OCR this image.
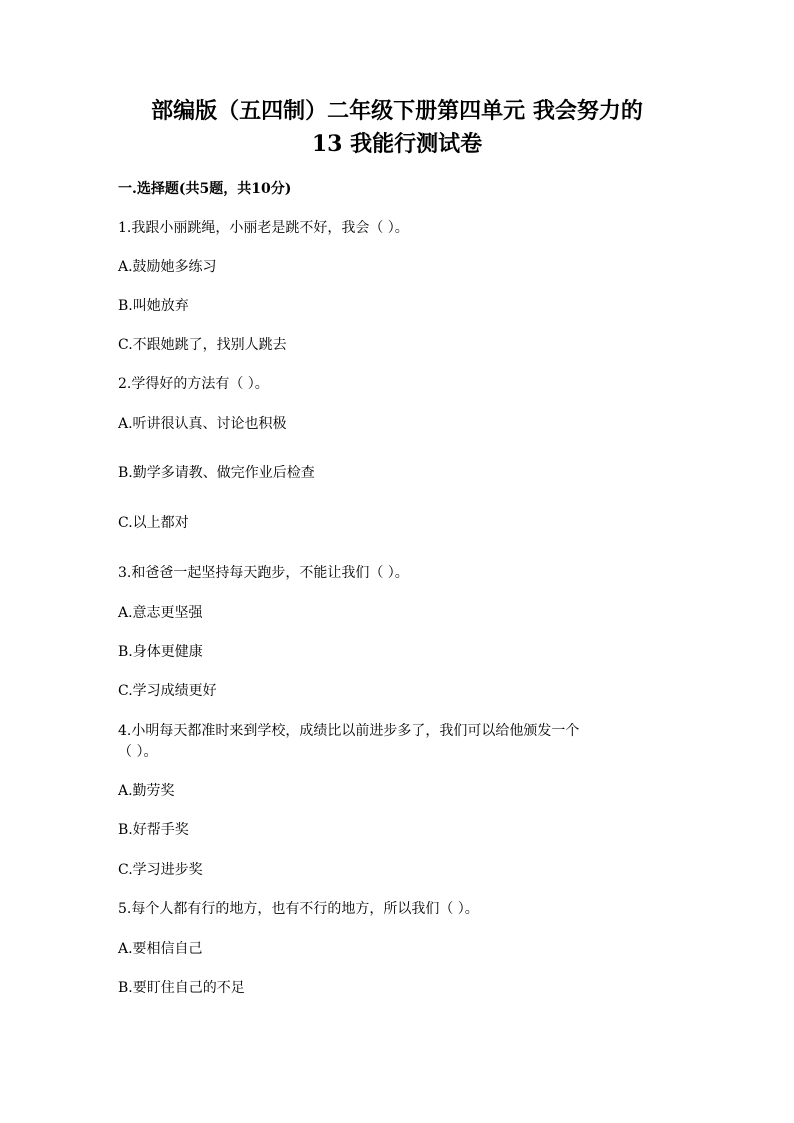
部编版（五四制）二年级下册第四单元 我会努力的
13 我能行测试卷
一.选择题(共5题，共10分)
1.我跟小丽跳绳，小丽老是跳不好，我会（ ）。
A.鼓励她多练习
B.叫她放弃
C.不跟她跳了，找别人跳去
2.学得好的方法有（ ）。
A.听讲很认真、讨论也积极
B.勤学多请教、做完作业后检查
C.以上都对
3.和爸爸一起坚持每天跑步，不能让我们（ ）。
A.意志更坚强
B.身体更健康
C.学习成绩更好
4.小明每天都准时来到学校，成绩比以前进步多了，我们可以给他颁发一个
（ ）。
A.勤劳奖
B.好帮手奖
C.学习进步奖
5.每个人都有行的地方，也有不行的地方，所以我们（ ）。
A.要相信自己
B.要盯住自己的不足
